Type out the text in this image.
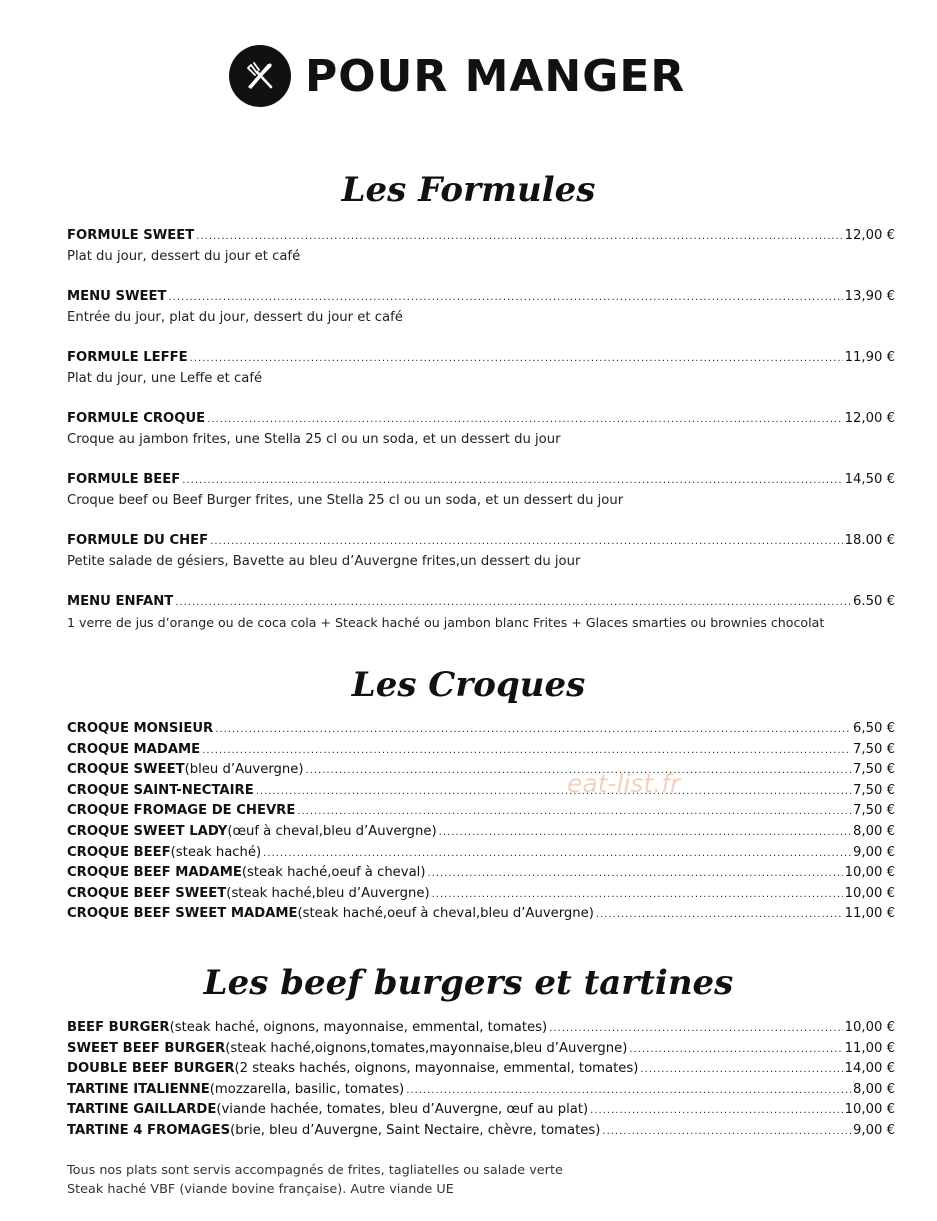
POUR MANGER
Les Formules
FORMULE SWEET .....	12,00 €
Plat du jour, dessert du jour et café
MENU SWEET .....	13,90 €
Entrée du jour, plat du jour, dessert du jour et café
FORMULE LEFFE .....	11,90 €
Plat du jour, une Leffe et café
FORMULE CROQUE .....	12,00 €
Croque au jambon frites, une Stella 25 cl ou un soda, et un dessert du jour
FORMULE BEEF .....	14,50 €
Croque beef ou Beef Burger frites, une Stella 25 cl ou un soda, et un dessert du jour
FORMULE DU CHEF .....	18.00 €
Petite salade de gésiers, Bavette au bleu d’Auvergne frites,un dessert du jour
MENU ENFANT .....	6.50 €
1 verre de jus d’orange ou de coca cola + Steack haché ou jambon blanc Frites + Glaces smarties ou brownies chocolat
Les Croques
CROQUE MONSIEUR .....	6,50 €
CROQUE MADAME .....	7,50 €
CROQUE SWEET (bleu d’Auvergne) .....	7,50 €
CROQUE SAINT-NECTAIRE .....	7,50 €
CROQUE FROMAGE DE CHEVRE .....	7,50 €
CROQUE SWEET LADY (œuf à cheval,bleu d’Auvergne) .....	8,00 €
CROQUE BEEF (steak haché) .....	9,00 €
CROQUE BEEF MADAME (steak haché,oeuf à cheval) .....	10,00 €
CROQUE BEEF SWEET (steak haché,bleu d’Auvergne) .....	10,00 €
CROQUE BEEF SWEET MADAME (steak haché,oeuf à cheval,bleu d’Auvergne) .....	11,00 €
eat-list.fr
Les beef burgers et tartines
BEEF BURGER (steak haché, oignons, mayonnaise, emmental, tomates) .....	10,00 €
SWEET BEEF BURGER (steak haché,oignons,tomates,mayonnaise,bleu d’Auvergne) .....	11,00 €
DOUBLE BEEF BURGER (2 steaks hachés, oignons, mayonnaise, emmental, tomates) .....	14,00 €
TARTINE ITALIENNE (mozzarella, basilic, tomates) .....	8,00 €
TARTINE GAILLARDE (viande hachée, tomates, bleu d’Auvergne, œuf au plat) .....	10,00 €
TARTINE 4 FROMAGES (brie, bleu d’Auvergne, Saint Nectaire, chèvre, tomates) .....	9,00 €
Tous nos plats sont servis accompagnés de frites, tagliatelles ou salade verte
Steak haché VBF (viande bovine française). Autre viande UE
